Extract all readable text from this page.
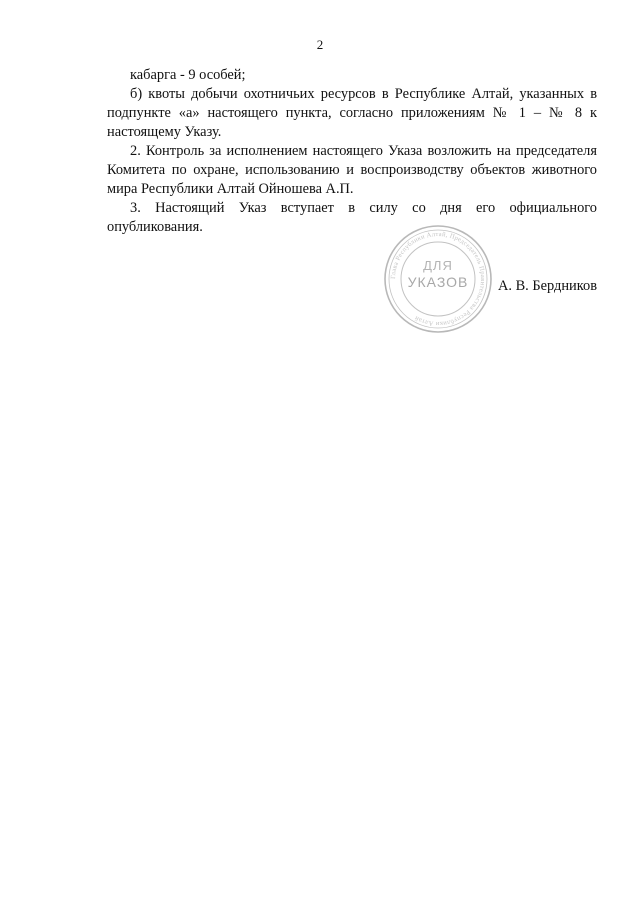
2

кабарга - 9 особей;

б) квоты добычи охотничьих ресурсов в Республике Алтай, указанных в подпункте «а» настоящего пункта, согласно приложениям № 1 – № 8 к настоящему Указу.

2. Контроль за исполнением настоящего Указа возложить на председателя Комитета по охране, использованию и воспроизводству объектов животного мира Республики Алтай Ойношева А.П.

3. Настоящий Указ вступает в силу со дня его официального опубликования.

Глава Республики Алтай, Председатель Правительства Республики Алтай
ДЛЯ
УКАЗОВ А. В. Бердников
